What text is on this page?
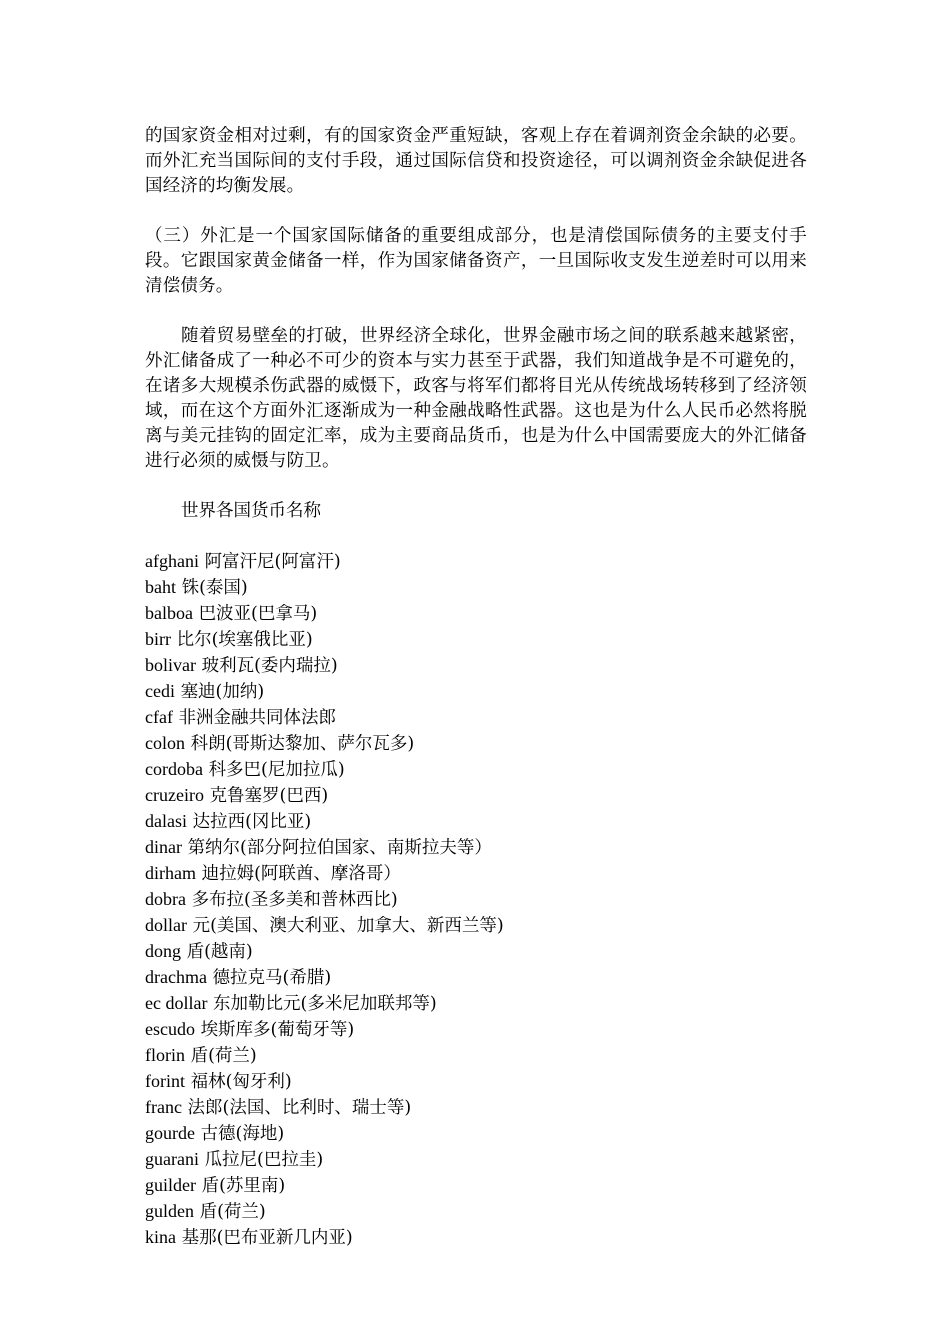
的国家资金相对过剩，有的国家资金严重短缺，客观上存在着调剂资金余缺的必要。而外汇充当国际间的支付手段，通过国际信贷和投资途径，可以调剂资金余缺促进各国经济的均衡发展。

（三）外汇是一个国家国际储备的重要组成部分，也是清偿国际债务的主要支付手段。它跟国家黄金储备一样，作为国家储备资产，一旦国际收支发生逆差时可以用来清偿债务。

随着贸易壁垒的打破，世界经济全球化，世界金融市场之间的联系越来越紧密，外汇储备成了一种必不可少的资本与实力甚至于武器，我们知道战争是不可避免的，在诸多大规模杀伤武器的威慑下，政客与将军们都将目光从传统战场转移到了经济领域，而在这个方面外汇逐渐成为一种金融战略性武器。这也是为什么人民币必然将脱离与美元挂钩的固定汇率，成为主要商品货币，也是为什么中国需要庞大的外汇储备进行必须的威慑与防卫。

世界各国货币名称
afghani 阿富汗尼(阿富汗)
baht 铢(泰国)
balboa 巴波亚(巴拿马)
birr 比尔(埃塞俄比亚)
bolivar 玻利瓦(委内瑞拉)
cedi 塞迪(加纳)
cfaf 非洲金融共同体法郎
colon 科朗(哥斯达黎加、萨尔瓦多)
cordoba 科多巴(尼加拉瓜)
cruzeiro 克鲁塞罗(巴西)
dalasi 达拉西(冈比亚)
dinar 第纳尔(部分阿拉伯国家、南斯拉夫等）
dirham 迪拉姆(阿联酋、摩洛哥）
dobra 多布拉(圣多美和普林西比)
dollar 元(美国、澳大利亚、加拿大、新西兰等)
dong 盾(越南)
drachma 德拉克马(希腊)
ec dollar 东加勒比元(多米尼加联邦等)
escudo 埃斯库多(葡萄牙等)
florin 盾(荷兰)
forint 福林(匈牙利)
franc 法郎(法国、比利时、瑞士等)
gourde 古德(海地)
guarani 瓜拉尼(巴拉圭)
guilder 盾(苏里南)
gulden 盾(荷兰)
kina 基那(巴布亚新几内亚)
